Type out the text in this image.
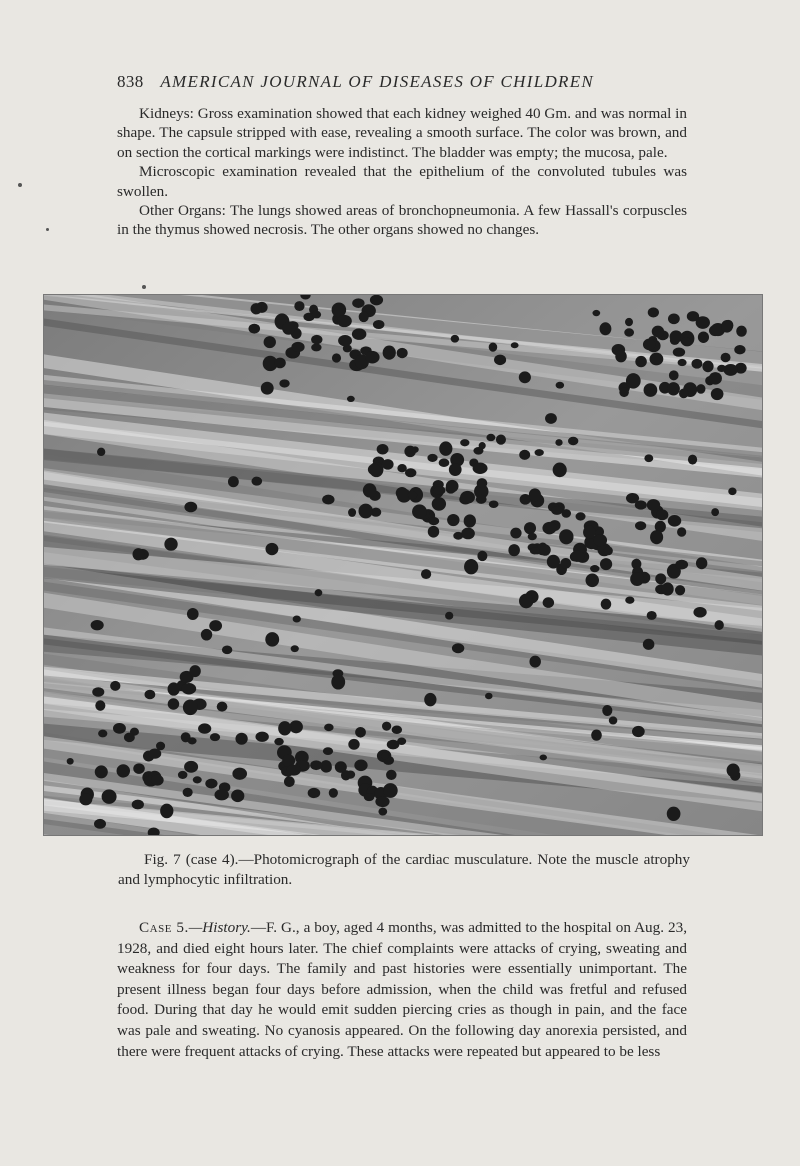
838 AMERICAN JOURNAL OF DISEASES OF CHILDREN

Kidneys: Gross examination showed that each kidney weighed 40 Gm. and was normal in shape. The capsule stripped with ease, revealing a smooth surface. The color was brown, and on section the cortical markings were indistinct. The bladder was empty; the mucosa, pale.

Microscopic examination revealed that the epithelium of the convoluted tubules was swollen.

Other Organs: The lungs showed areas of bronchopneumonia. A few Hassall's corpuscles in the thymus showed necrosis. The other organs showed no changes.

Fig. 7 (case 4).—Photomicrograph of the cardiac musculature. Note the muscle atrophy and lymphocytic infiltration.

Case 5.—History.—F. G., a boy, aged 4 months, was admitted to the hospital on Aug. 23, 1928, and died eight hours later. The chief complaints were attacks of crying, sweating and weakness for four days. The family and past histories were essentially unimportant. The present illness began four days before admission, when the child was fretful and refused food. During that day he would emit sudden piercing cries as though in pain, and the face was pale and sweating. No cyanosis appeared. On the following day anorexia persisted, and there were frequent attacks of crying. These attacks were repeated but appeared to be less
